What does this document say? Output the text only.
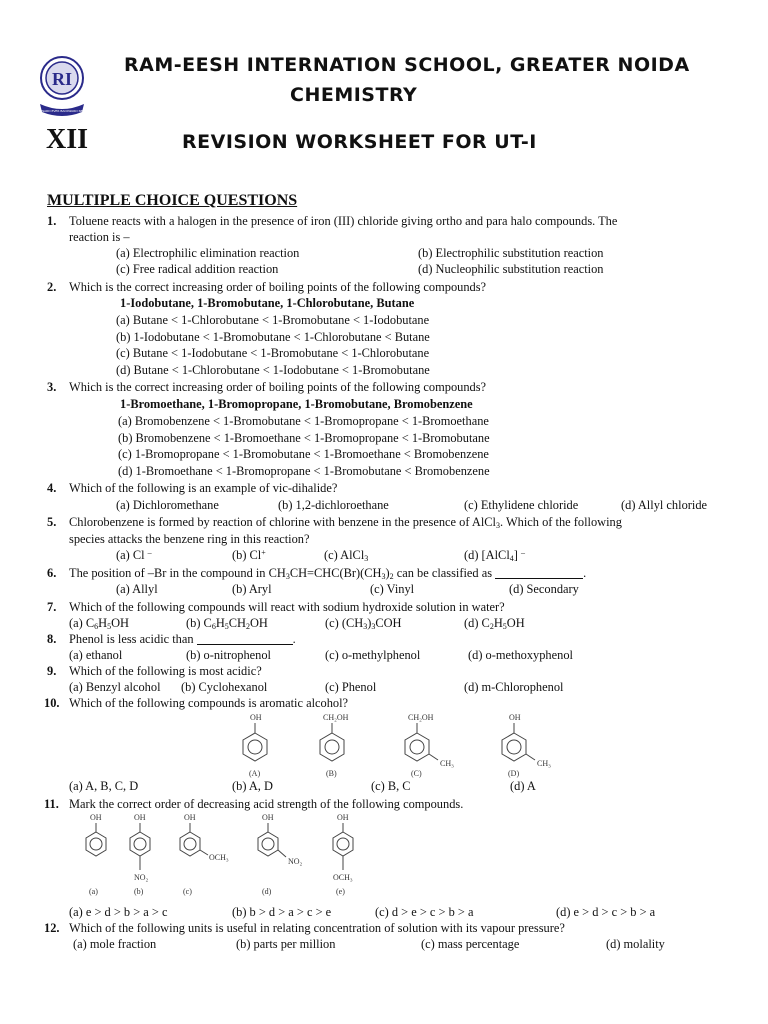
RI
FORWARD EVER BACKWARD NEVER
RAM-EESH INTERNATION SCHOOL, GREATER NOIDA
CHEMISTRY
XII	REVISION WORKSHEET FOR UT-I
MULTIPLE CHOICE QUESTIONS
1. Toluene reacts with a halogen in the presence of iron (III) chloride giving ortho and para halo compounds. The
reaction is –
(a) Electrophilic elimination reaction	(b) Electrophilic substitution reaction
(c) Free radical addition reaction	(d) Nucleophilic substitution reaction
2. Which is the correct increasing order of boiling points of the following compounds?
1-Iodobutane, 1-Bromobutane, 1-Chlorobutane, Butane
(a) Butane < 1-Chlorobutane < 1-Bromobutane < 1-Iodobutane
(b) 1-Iodobutane < 1-Bromobutane < 1-Chlorobutane < Butane
(c) Butane < 1-Iodobutane < 1-Bromobutane < 1-Chlorobutane
(d) Butane < 1-Chlorobutane < 1-Iodobutane < 1-Bromobutane
3. Which is the correct increasing order of boiling points of the following compounds?
1-Bromoethane, 1-Bromopropane, 1-Bromobutane, Bromobenzene
(a) Bromobenzene < 1-Bromobutane < 1-Bromopropane < 1-Bromoethane
(b) Bromobenzene < 1-Bromoethane < 1-Bromopropane < 1-Bromobutane
(c) 1-Bromopropane < 1-Bromobutane < 1-Bromoethane < Bromobenzene
(d) 1-Bromoethane < 1-Bromopropane < 1-Bromobutane < Bromobenzene
4. Which of the following is an example of vic-dihalide?
(a) Dichloromethane	(b) 1,2-dichloroethane	(c) Ethylidene chloride	(d) Allyl chloride
5. Chlorobenzene is formed by reaction of chlorine with benzene in the presence of AlCl$_3$. Which of the following
species attacks the benzene ring in this reaction?
(a) Cl –	(b) Cl+	(c) AlCl$_3$	(d) [AlCl$_4$] –
6. The position of –Br in the compound in $CH_3CH=CHC(Br)(CH_3)_2$ can be classified as	.
(a) Allyl	(b) Aryl	(c) Vinyl	(d) Secondary
7. Which of the following compounds will react with sodium hydroxide solution in water?
(a) $C_6H_5OH$	(b) $C_6H_5CH_2OH$	(c) $(CH_3)_3COH$	(d) $C_2H_5OH$
8. Phenol is less acidic than	.
(a) ethanol	(b) o-nitrophenol	(c) o-methylphenol	(d) o-methoxyphenol
9. Which of the following is most acidic?
(a) Benzyl alcohol (b) Cyclohexanol	(c) Phenol	(d) m-Chlorophenol
10. Which of the following compounds is aromatic alcohol?
OH
(A)
CH₂OH
(B)
CH₂OH
CH₃
(C)
OH
CH₃
(D)
(a) A, B, C, D	(b) A, D	(c) B, C	(d) A
11. Mark the correct order of decreasing acid strength of the following compounds.
OH
(a)
OH
NO₂
(b)
OH
OCH₃
(c)
OH
NO₂
(d)
OH
OCH₃
(e)
(a) e > d > b > a > c	(b) b > d > a > c > e	(c) d > e > c > b > a	(d) e > d > c > b > a
12. Which of the following units is useful in relating concentration of solution with its vapour pressure?
(a) mole fraction	(b) parts per million	(c) mass percentage	(d) molality
